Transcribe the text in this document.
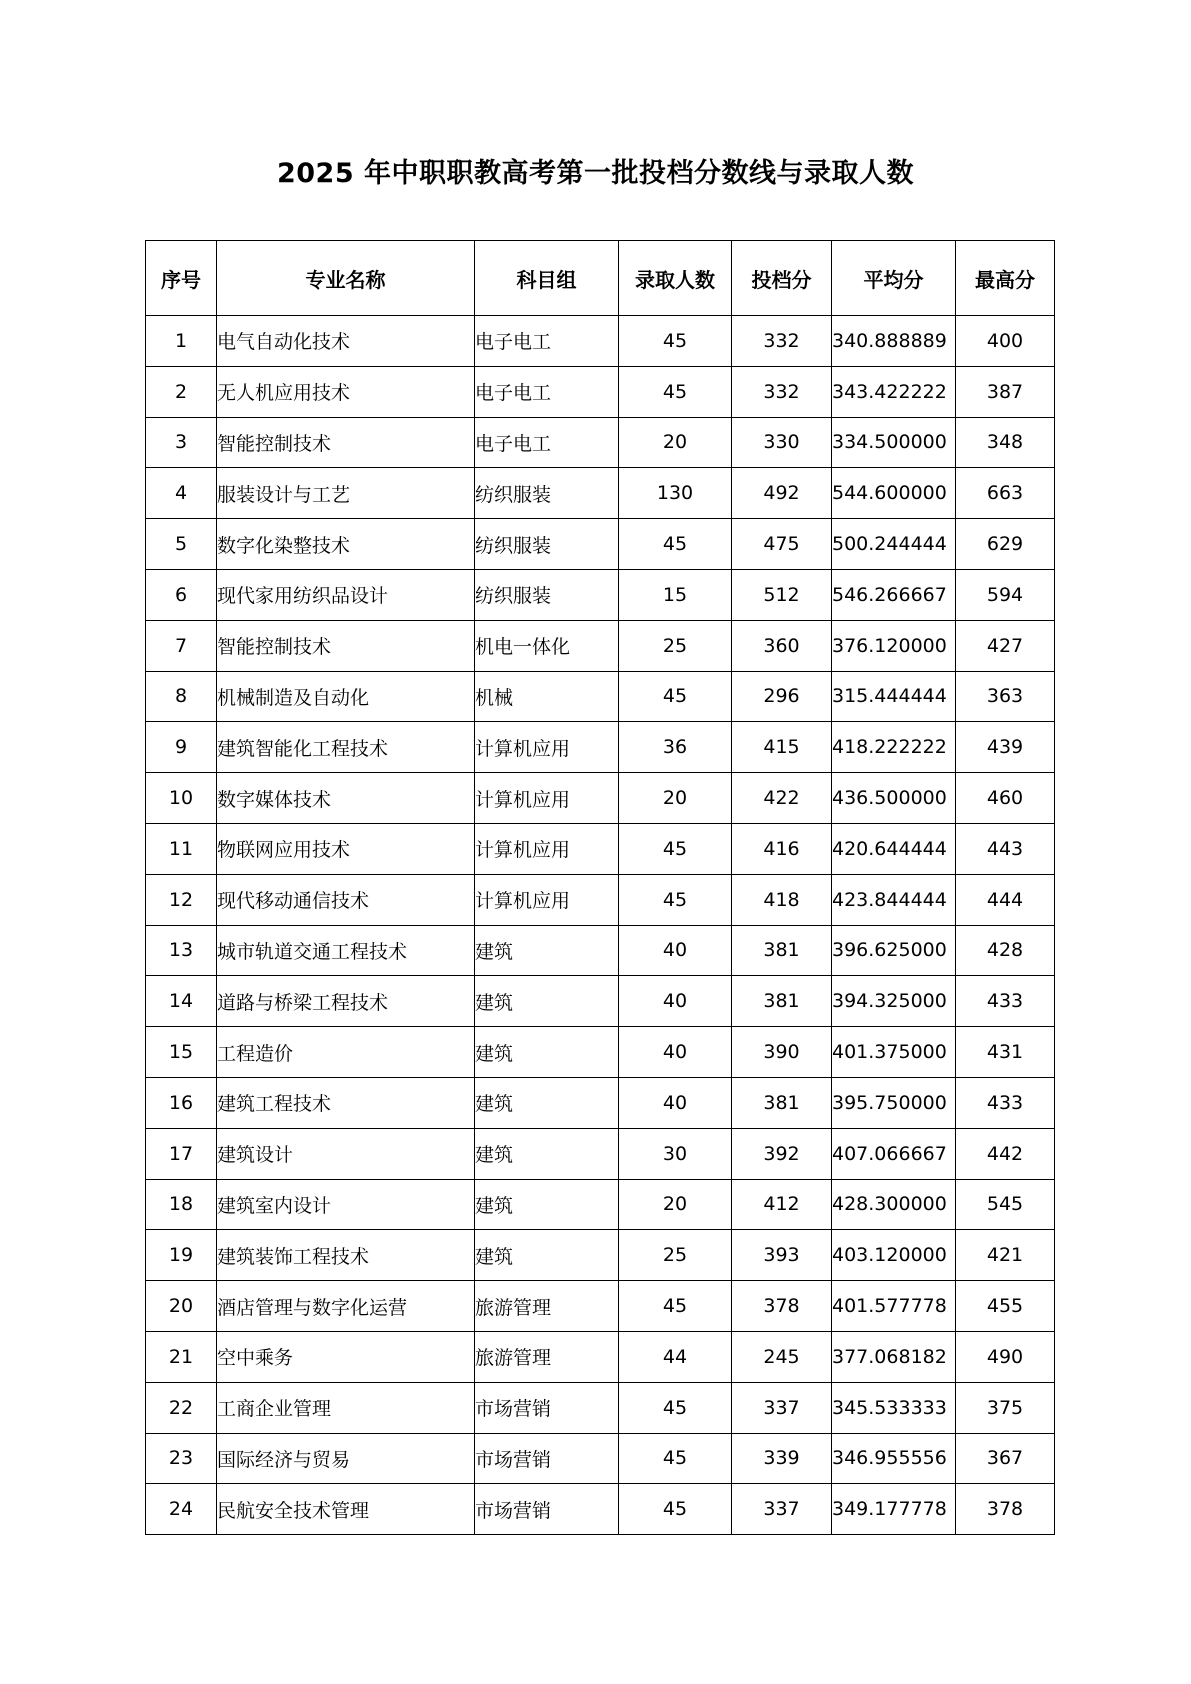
2025 年中职职教高考第一批投档分数线与录取人数
序号	专业名称	科目组	录取人数	投档分	平均分	最高分
1	电气自动化技术	电子电工	45	332	340.888889	400
2	无人机应用技术	电子电工	45	332	343.422222	387
3	智能控制技术	电子电工	20	330	334.500000	348
4	服装设计与工艺	纺织服装	130	492	544.600000	663
5	数字化染整技术	纺织服装	45	475	500.244444	629
6	现代家用纺织品设计	纺织服装	15	512	546.266667	594
7	智能控制技术	机电一体化	25	360	376.120000	427
8	机械制造及自动化	机械	45	296	315.444444	363
9	建筑智能化工程技术	计算机应用	36	415	418.222222	439
10	数字媒体技术	计算机应用	20	422	436.500000	460
11	物联网应用技术	计算机应用	45	416	420.644444	443
12	现代移动通信技术	计算机应用	45	418	423.844444	444
13	城市轨道交通工程技术	建筑	40	381	396.625000	428
14	道路与桥梁工程技术	建筑	40	381	394.325000	433
15	工程造价	建筑	40	390	401.375000	431
16	建筑工程技术	建筑	40	381	395.750000	433
17	建筑设计	建筑	30	392	407.066667	442
18	建筑室内设计	建筑	20	412	428.300000	545
19	建筑装饰工程技术	建筑	25	393	403.120000	421
20	酒店管理与数字化运营	旅游管理	45	378	401.577778	455
21	空中乘务	旅游管理	44	245	377.068182	490
22	工商企业管理	市场营销	45	337	345.533333	375
23	国际经济与贸易	市场营销	45	339	346.955556	367
24	民航安全技术管理	市场营销	45	337	349.177778	378
